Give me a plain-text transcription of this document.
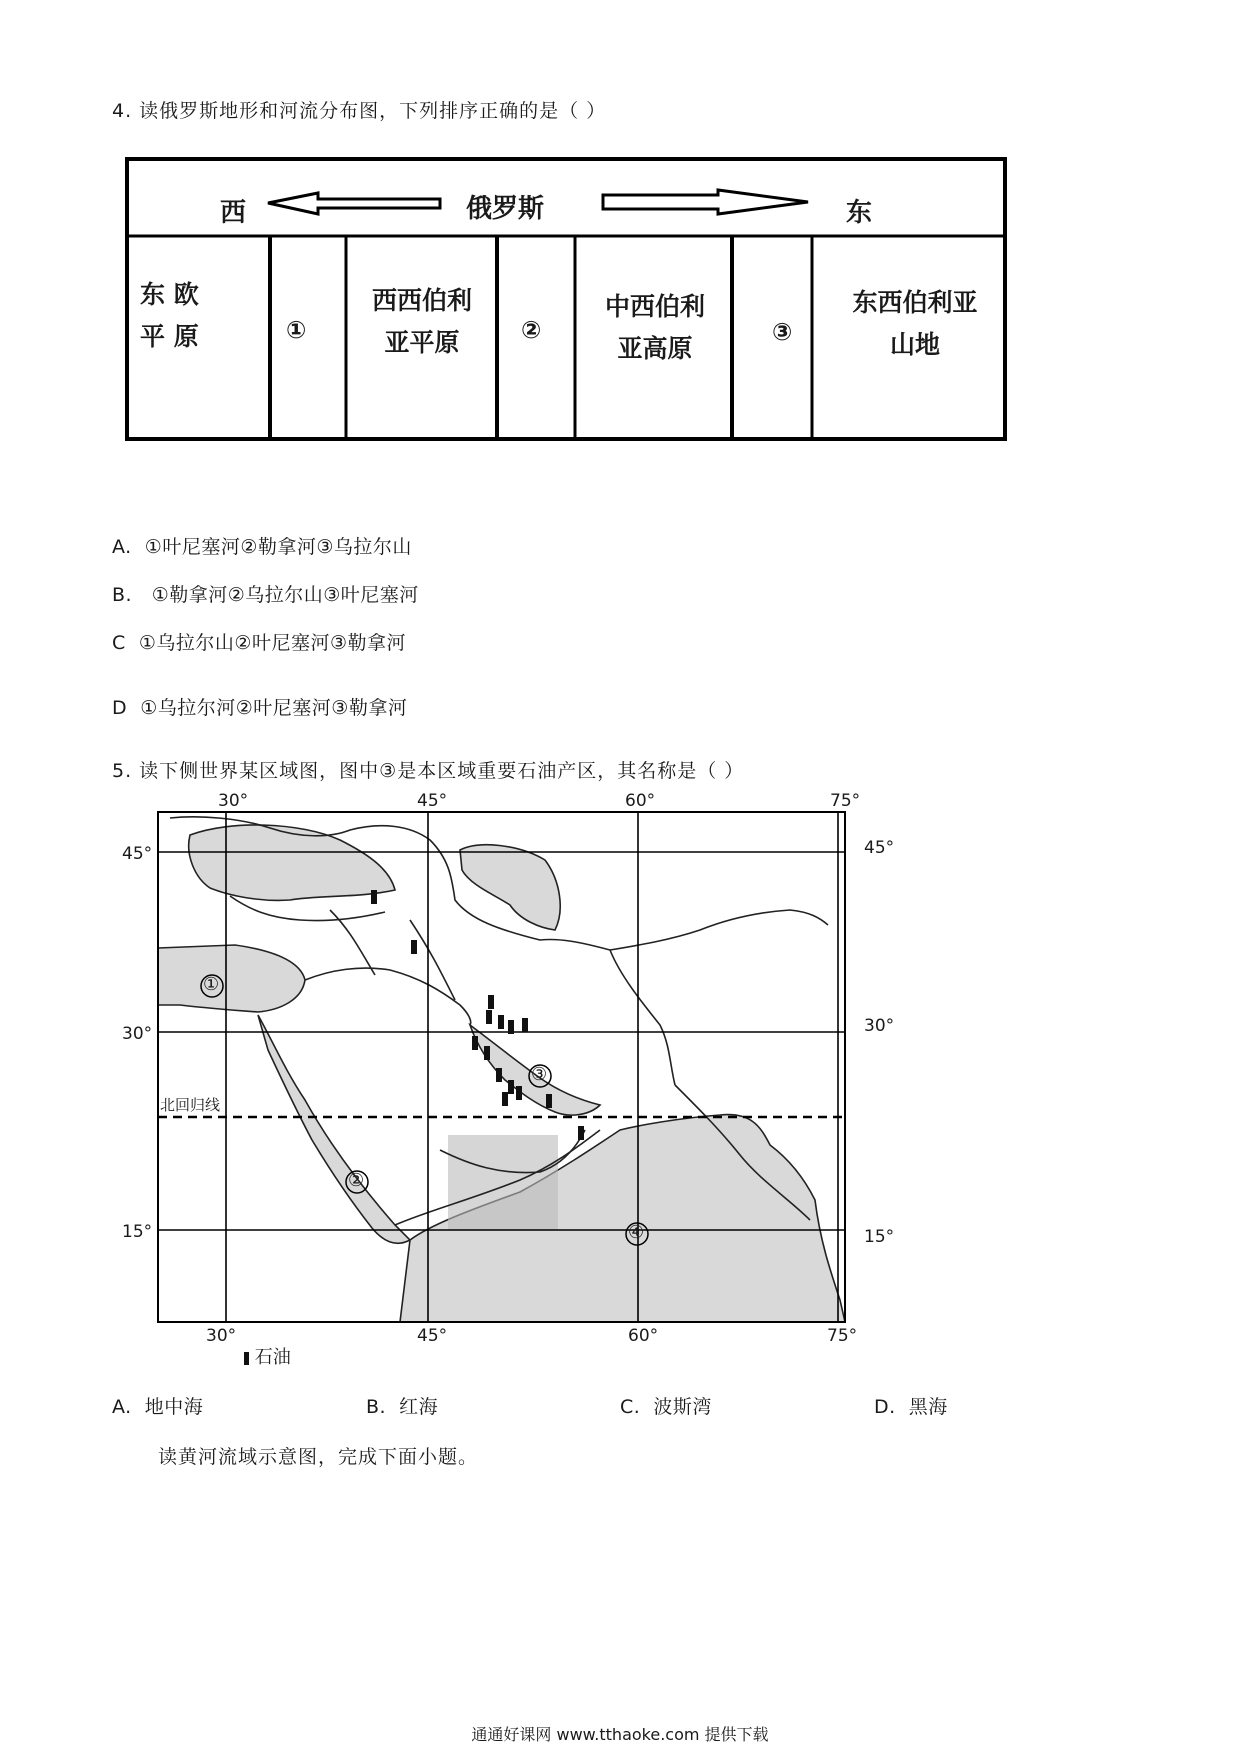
4. 读俄罗斯地形和河流分布图，下列排序正确的是（ ）
西	俄罗斯	东
东 欧
平 原	①
西西伯利
亚平原	②
中西伯利
亚高原
③
东西伯利亚
山地
A. ①叶尼塞河②勒拿河③乌拉尔山
B. ①勒拿河②乌拉尔山③叶尼塞河
C ①乌拉尔山②叶尼塞河③勒拿河
D ①乌拉尔河②叶尼塞河③勒拿河
5. 读下侧世界某区域图，图中③是本区域重要石油产区，其名称是（ ）
①
②
③
④
30°	45°	60°	75°
30°	45°	60°	75°
45°
30°
15°
45°
30°
15°
北回归线
石油
A. 地中海	B. 红海	C. 波斯湾	D. 黑海
读黄河流域示意图，完成下面小题。
通通好课网 www.tthaoke.com 提供下载
